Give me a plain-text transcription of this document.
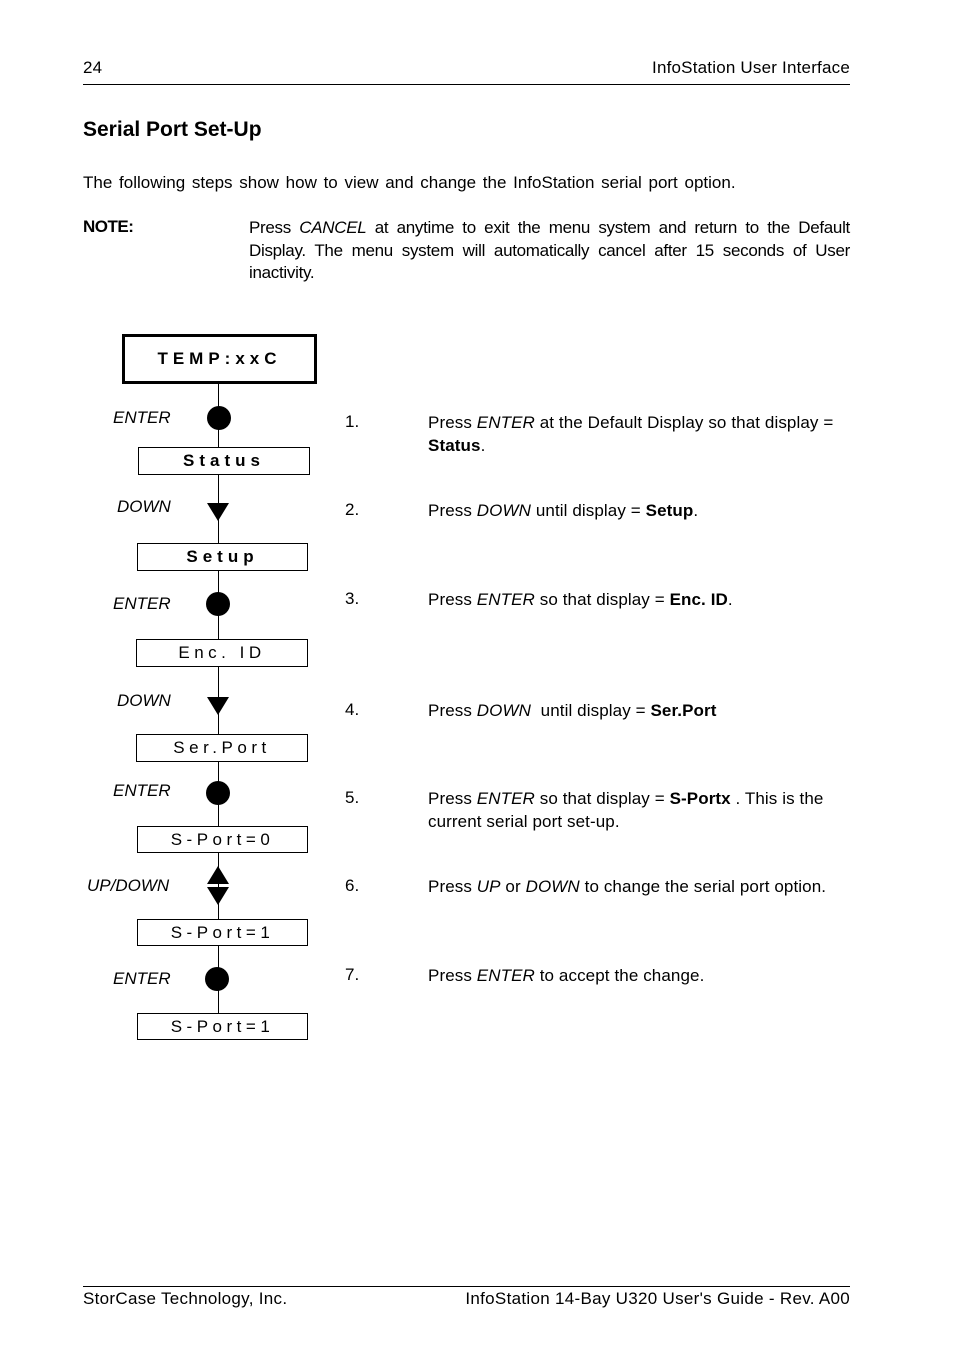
24	InfoStation User Interface
Serial Port Set-Up
The following steps show how to view and change the InfoStation serial port option.
NOTE:	Press CANCEL at anytime to exit the menu system and return to the Default Display. The menu system will automatically cancel after 15 seconds of User inactivity.
TEMP:xxC
ENTER
Status
DOWN
Setup
ENTER
Enc. ID
DOWN
Ser.Port
ENTER
S-Port=0
UP/DOWN
S-Port=1
ENTER
S-Port=1
1.	Press ENTER at the Default Display so that display = Status.
2.	Press DOWN until display = Setup.
3.	Press ENTER so that display = Enc. ID.
4.	Press DOWN  until display = Ser.Port
5.	Press ENTER so that display = S-Portx . This is the current serial port set-up.
6.	Press UP or DOWN to change the serial port option.
7.	Press ENTER to accept the change.
StorCase Technology, Inc.	InfoStation 14-Bay U320 User's Guide - Rev. A00
